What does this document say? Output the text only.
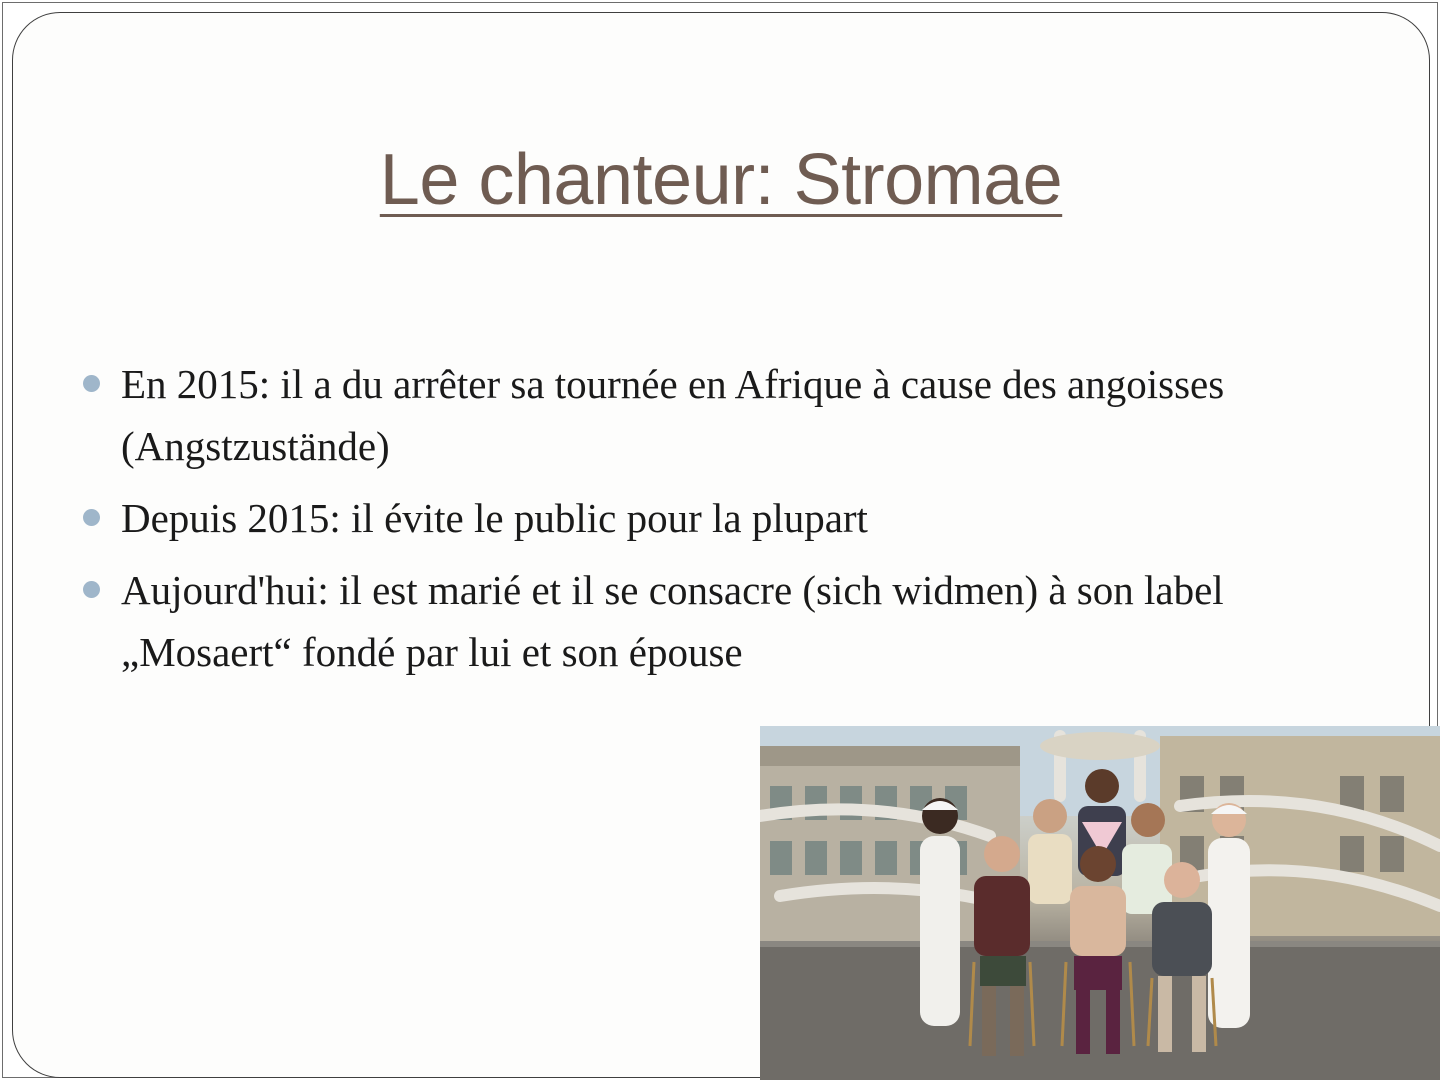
Le chanteur: Stromae
En 2015: il a du arrêter sa tournée en Afrique à cause des angoisses (Angstzustände)
Depuis 2015: il évite le public pour la plupart
Aujourd'hui: il est marié et il se consacre (sich widmen) à son label „Mosaert“ fondé par lui et son épouse
